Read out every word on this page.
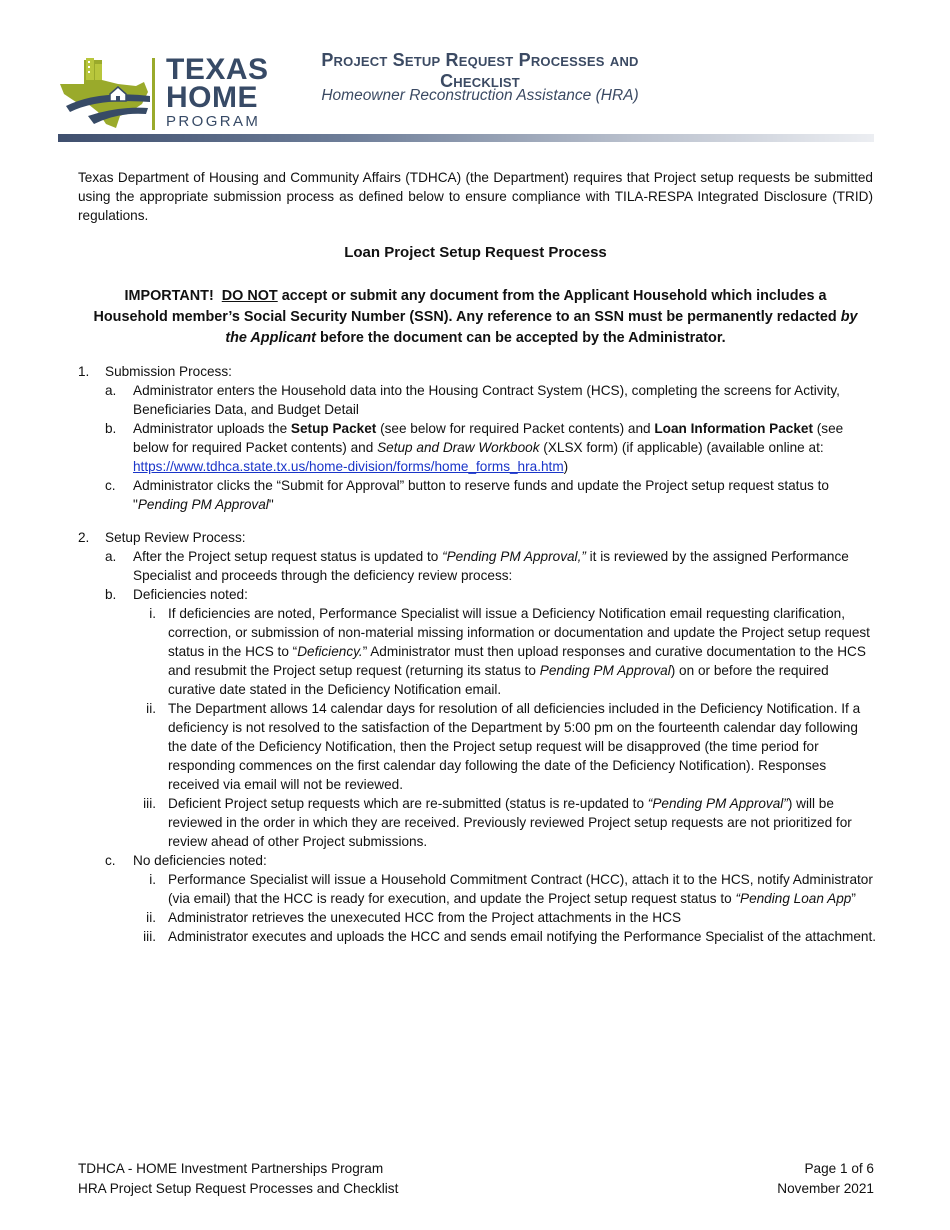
TEXAS
HOME
PROGRAM
Project Setup Request Processes and Checklist
Homeowner Reconstruction Assistance (HRA)
Texas Department of Housing and Community Affairs (TDHCA) (the Department) requires that Project setup requests be submitted using the appropriate submission process as defined below to ensure compliance with TILA-RESPA Integrated Disclosure (TRID) regulations.
Loan Project Setup Request Process
IMPORTANT! DO NOT accept or submit any document from the Applicant Household which includes a Household member’s Social Security Number (SSN). Any reference to an SSN must be permanently redacted by the Applicant before the document can be accepted by the Administrator.
1. Submission Process:
a. Administrator enters the Household data into the Housing Contract System (HCS), completing the screens for Activity, Beneficiaries Data, and Budget Detail
b. Administrator uploads the Setup Packet (see below for required Packet contents) and Loan Information Packet (see below for required Packet contents) and Setup and Draw Workbook (XLSX form) (if applicable) (available online at:
https://www.tdhca.state.tx.us/home-division/forms/home_forms_hra.htm)
c. Administrator clicks the “Submit for Approval” button to reserve funds and update the Project setup request status to "Pending PM Approval"
2. Setup Review Process:
a. After the Project setup request status is updated to “Pending PM Approval,” it is reviewed by the assigned Performance Specialist and proceeds through the deficiency review process:
b. Deficiencies noted:
i. If deficiencies are noted, Performance Specialist will issue a Deficiency Notification email requesting clarification, correction, or submission of non-material missing information or documentation and update the Project setup request status in the HCS to “Deficiency.” Administrator must then upload responses and curative documentation to the HCS and resubmit the Project setup request (returning its status to Pending PM Approval) on or before the required curative date stated in the Deficiency Notification email.
ii. The Department allows 14 calendar days for resolution of all deficiencies included in the Deficiency Notification. If a deficiency is not resolved to the satisfaction of the Department by 5:00 pm on the fourteenth calendar day following the date of the Deficiency Notification, then the Project setup request will be disapproved (the time period for responding commences on the first calendar day following the date of the Deficiency Notification). Responses received via email will not be reviewed.
iii. Deficient Project setup requests which are re-submitted (status is re-updated to “Pending PM Approval”) will be reviewed in the order in which they are received. Previously reviewed Project setup requests are not prioritized for review ahead of other Project submissions.
c. No deficiencies noted:
i. Performance Specialist will issue a Household Commitment Contract (HCC), attach it to the HCS, notify Administrator (via email) that the HCC is ready for execution, and update the Project setup request status to “Pending Loan App”
ii. Administrator retrieves the unexecuted HCC from the Project attachments in the HCS
iii. Administrator executes and uploads the HCC and sends email notifying the Performance Specialist of the attachment.
TDHCA - HOME Investment Partnerships Program
HRA Project Setup Request Processes and Checklist
Page 1 of 6
November 2021
